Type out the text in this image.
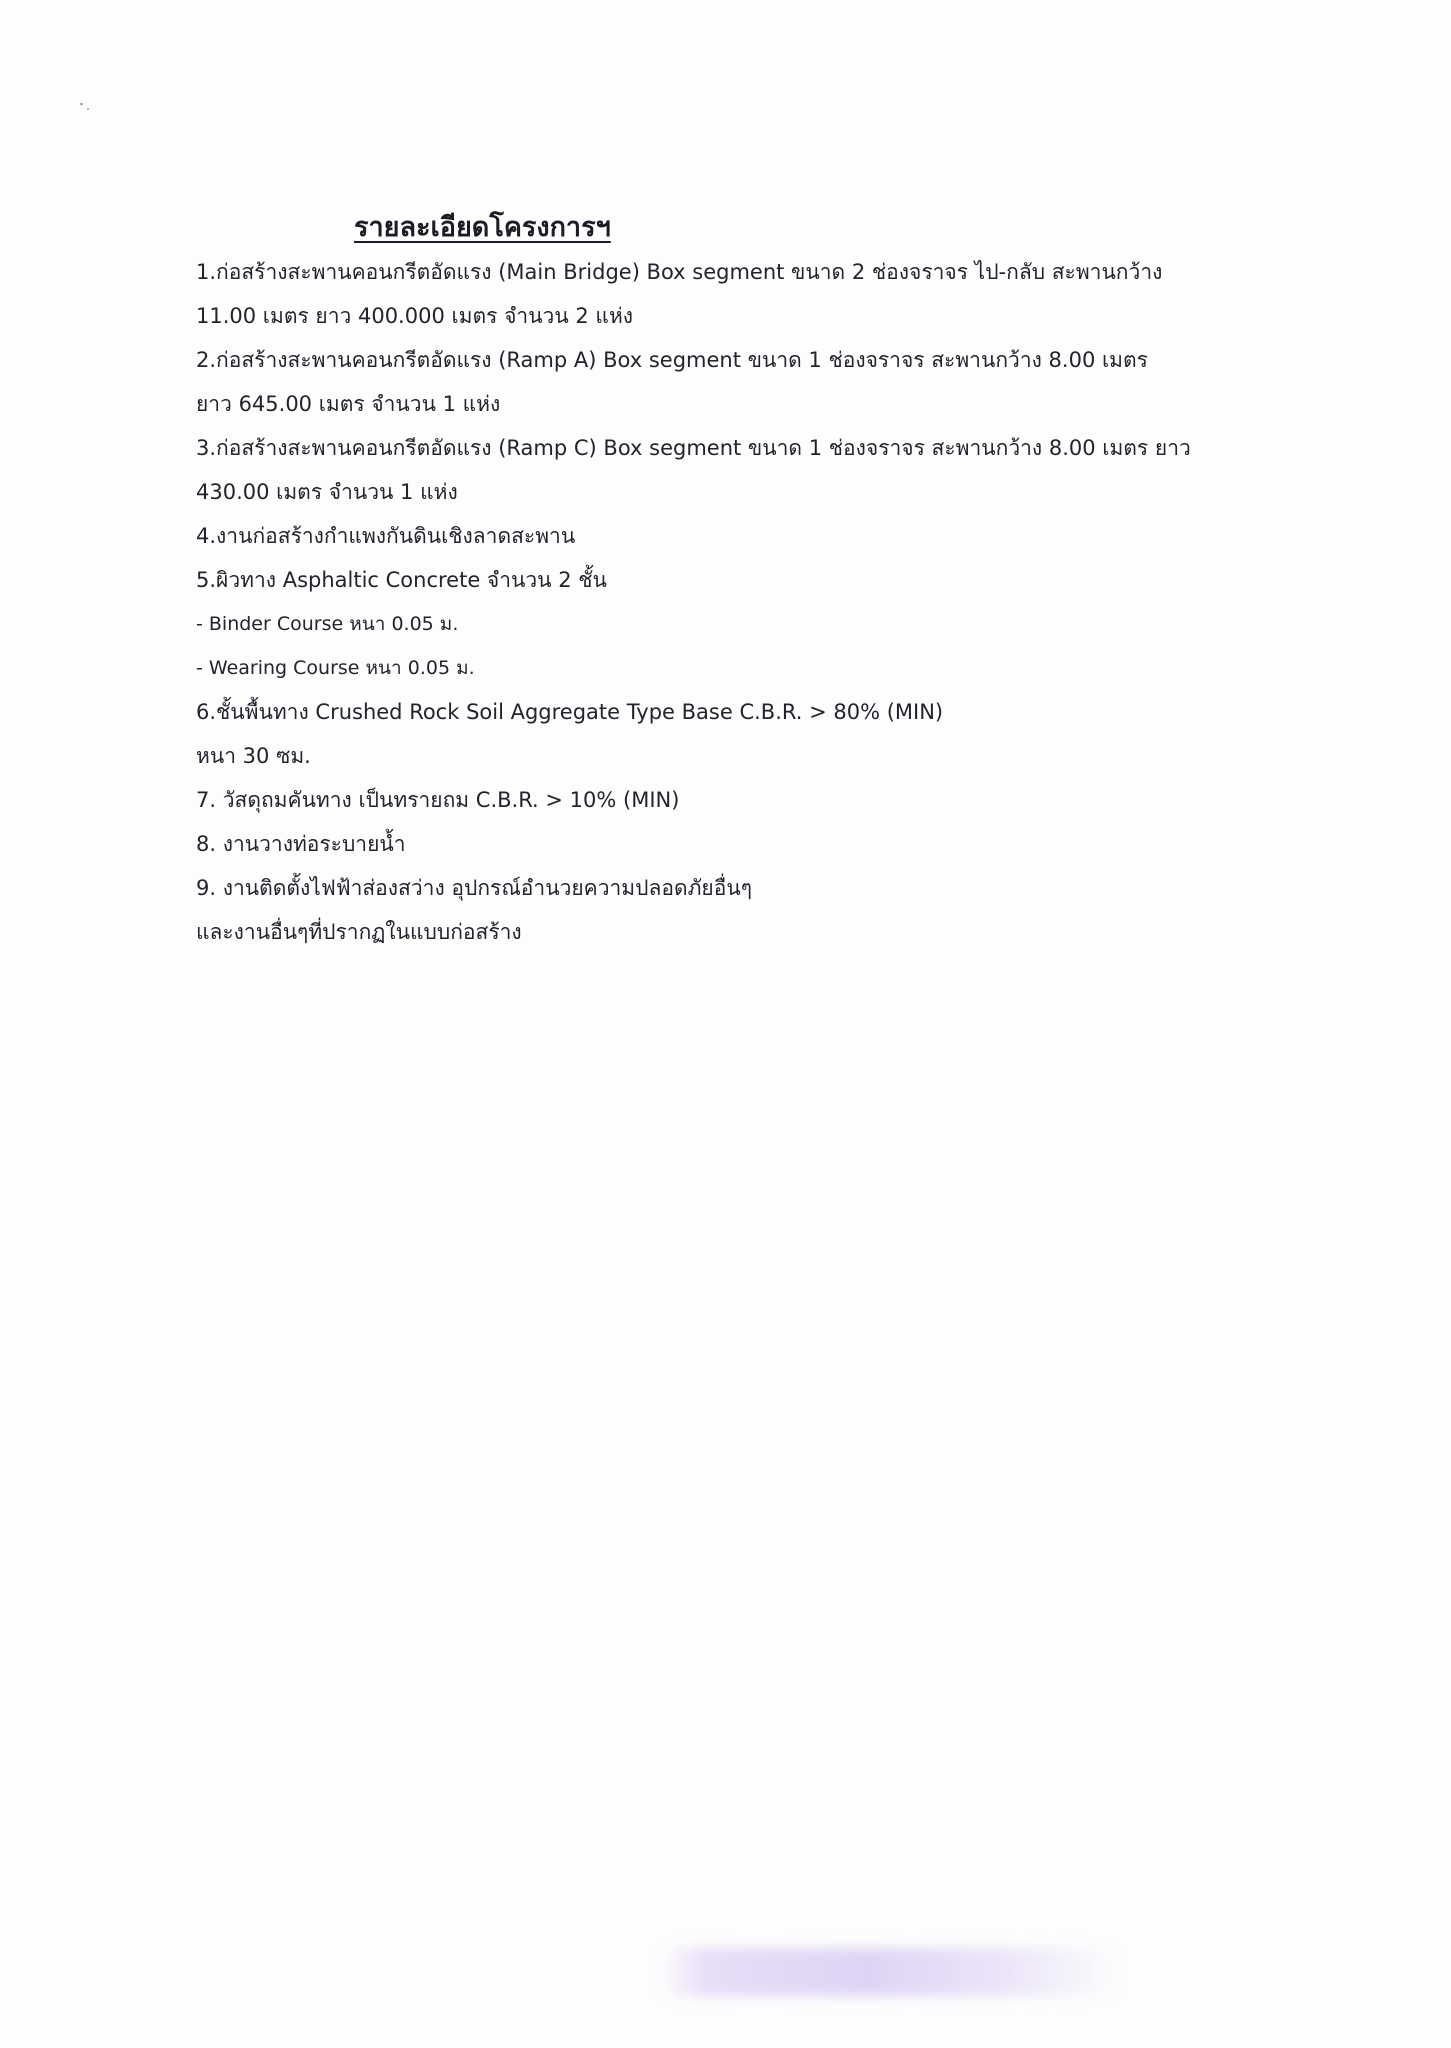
รายละเอียดโครงการฯ
1.ก่อสร้างสะพานคอนกรีตอัดแรง (Main Bridge) Box segment ขนาด 2 ช่องจราจร ไป-กลับ สะพานกว้าง
11.00 เมตร ยาว 400.000 เมตร จำนวน 2 แห่ง
2.ก่อสร้างสะพานคอนกรีตอัดแรง (Ramp A) Box segment ขนาด 1 ช่องจราจร สะพานกว้าง 8.00 เมตร
ยาว 645.00 เมตร จำนวน 1 แห่ง
3.ก่อสร้างสะพานคอนกรีตอัดแรง (Ramp C) Box segment ขนาด 1 ช่องจราจร สะพานกว้าง 8.00 เมตร ยาว
430.00 เมตร จำนวน 1 แห่ง
4.งานก่อสร้างกำแพงกันดินเชิงลาดสะพาน
5.ผิวทาง Asphaltic Concrete จำนวน 2 ชั้น
- Binder Course หนา 0.05 ม.
- Wearing Course หนา 0.05 ม.
6.ชั้นพื้นทาง Crushed Rock Soil Aggregate Type Base C.B.R. > 80% (MIN)
หนา 30 ซม.
7. วัสดุถมคันทาง เป็นทรายถม C.B.R. > 10% (MIN)
8. งานวางท่อระบายน้ำ
9. งานติดตั้งไฟฟ้าส่องสว่าง อุปกรณ์อำนวยความปลอดภัยอื่นๆ
และงานอื่นๆที่ปรากฏในแบบก่อสร้าง
